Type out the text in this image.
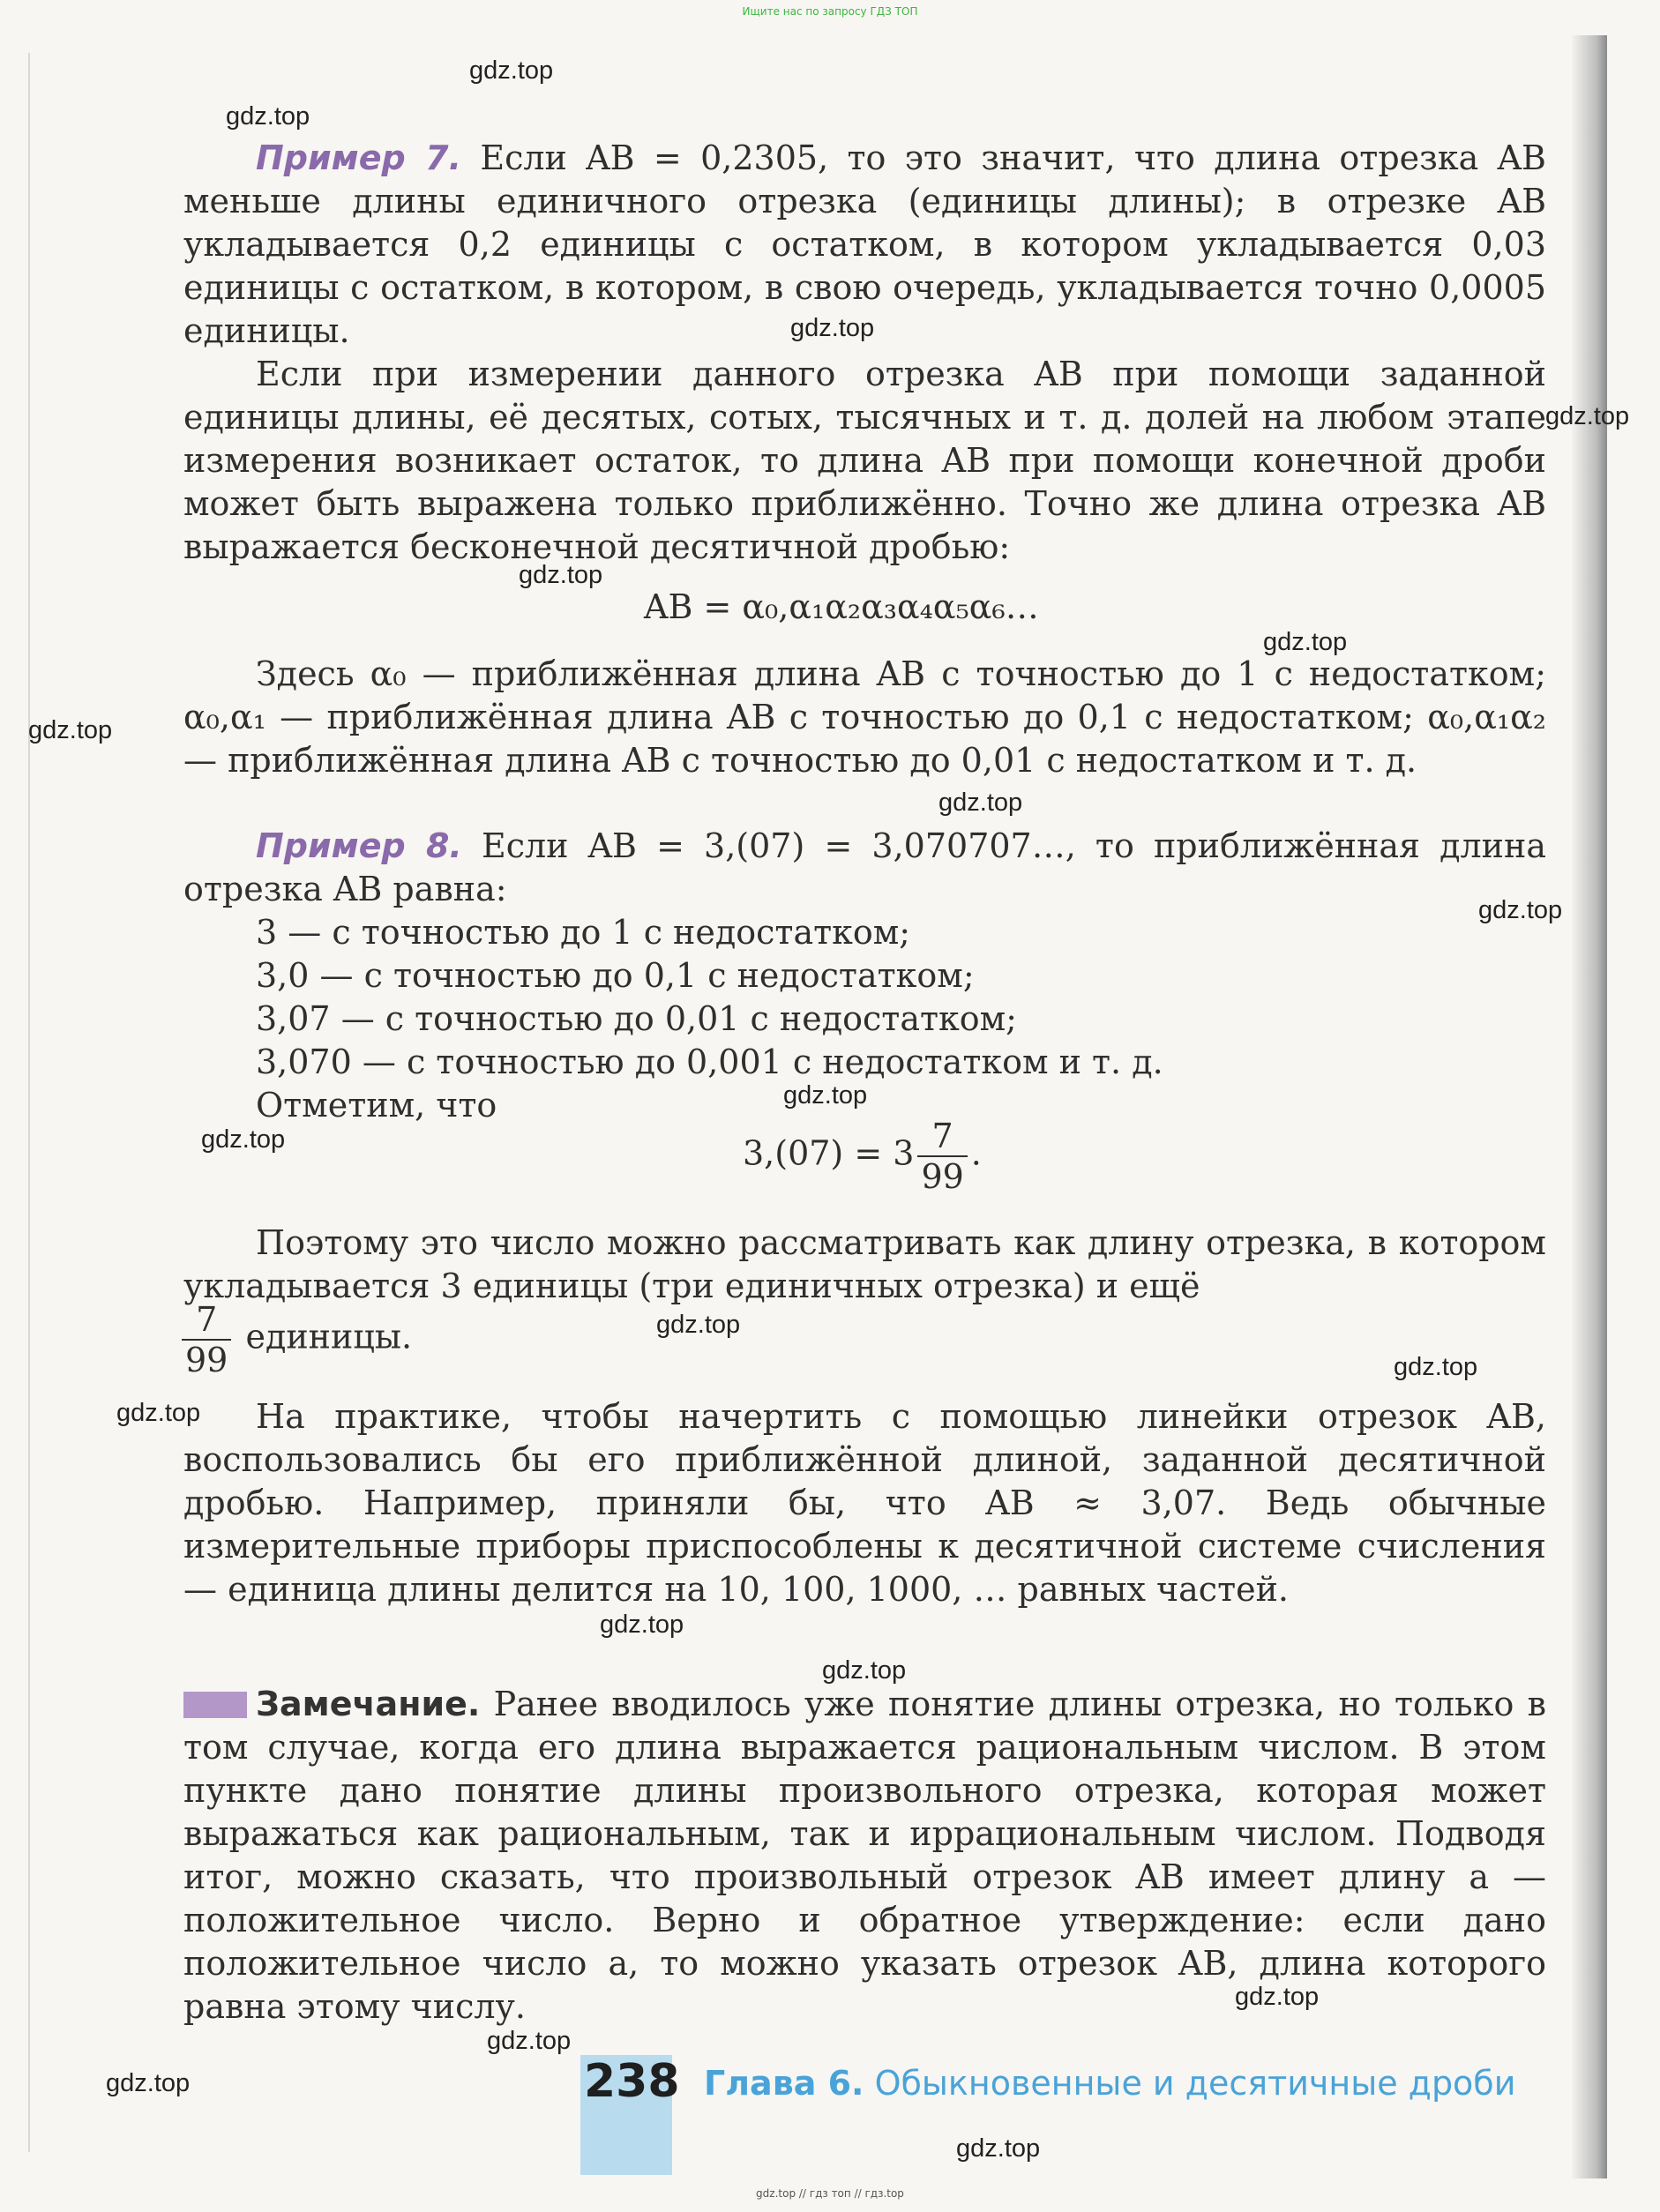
Ищите нас по запросу ГДЗ ТОП
gdz.top
gdz.top
gdz.top
gdz.top
gdz.top
gdz.top
gdz.top
gdz.top
gdz.top
gdz.top
gdz.top
gdz.top
gdz.top
gdz.top
gdz.top
gdz.top
gdz.top
gdz.top
gdz.top
gdz.top
Пример 7. Если AB = 0,2305, то это значит, что длина отрезка AB меньше длины единичного отрезка (единицы длины); в отрезке AB укладывается 0,2 единицы с остатком, в котором укладывается 0,03 единицы с остатком, в котором, в свою очередь, укладывается точно 0,0005 единицы.
Если при измерении данного отрезка AB при помощи заданной единицы длины, её десятых, сотых, тысячных и т. д. долей на любом этапе измерения возникает остаток, то длина AB при помощи конечной дроби может быть выражена только приближённо. Точно же длина отрезка AB выражается бесконечной десятичной дробью:
AB = α₀,α₁α₂α₃α₄α₅α₆…
Здесь α₀ — приближённая длина AB с точностью до 1 с недостатком; α₀,α₁ — приближённая длина AB с точностью до 0,1 с недостатком; α₀,α₁α₂ — приближённая длина AB с точностью до 0,01 с недостатком и т. д.
Пример 8. Если AB = 3,(07) = 3,070707…, то приближённая длина отрезка AB равна:
3 — с точностью до 1 с недостатком;
3,0 — с точностью до 0,1 с недостатком;
3,07 — с точностью до 0,01 с недостатком;
3,070 — с точностью до 0,001 с недостатком и т. д.
Отметим, что
$3,(07) = 3 \frac{7}{99}$ .
Поэтому это число можно рассматривать как длину отрезка, в котором укладывается 3 единицы (три единичных отрезка) и ещё
$\frac{7}{99}$ единицы.
На практике, чтобы начертить с помощью линейки отрезок AB, воспользовались бы его приближённой длиной, заданной десятичной дробью. Например, приняли бы, что AB ≈ 3,07. Ведь обычные измерительные приборы приспособлены к десятичной системе счисления — единица длины делится на 10, 100, 1000, … равных частей.
Замечание. Ранее вводилось уже понятие длины отрезка, но только в том случае, когда его длина выражается рациональным числом. В этом пункте дано понятие длины произвольного отрезка, которая может выражаться как рациональным, так и иррациональным числом. Подводя итог, можно сказать, что произвольный отрезок AB имеет длину a — положительное число. Верно и обратное утверждение: если дано положительное число a, то можно указать отрезок AB, длина которого равна этому числу.
238 Глава 6. Обыкновенные и десятичные дроби
gdz.top // гдз топ // гдз.top
